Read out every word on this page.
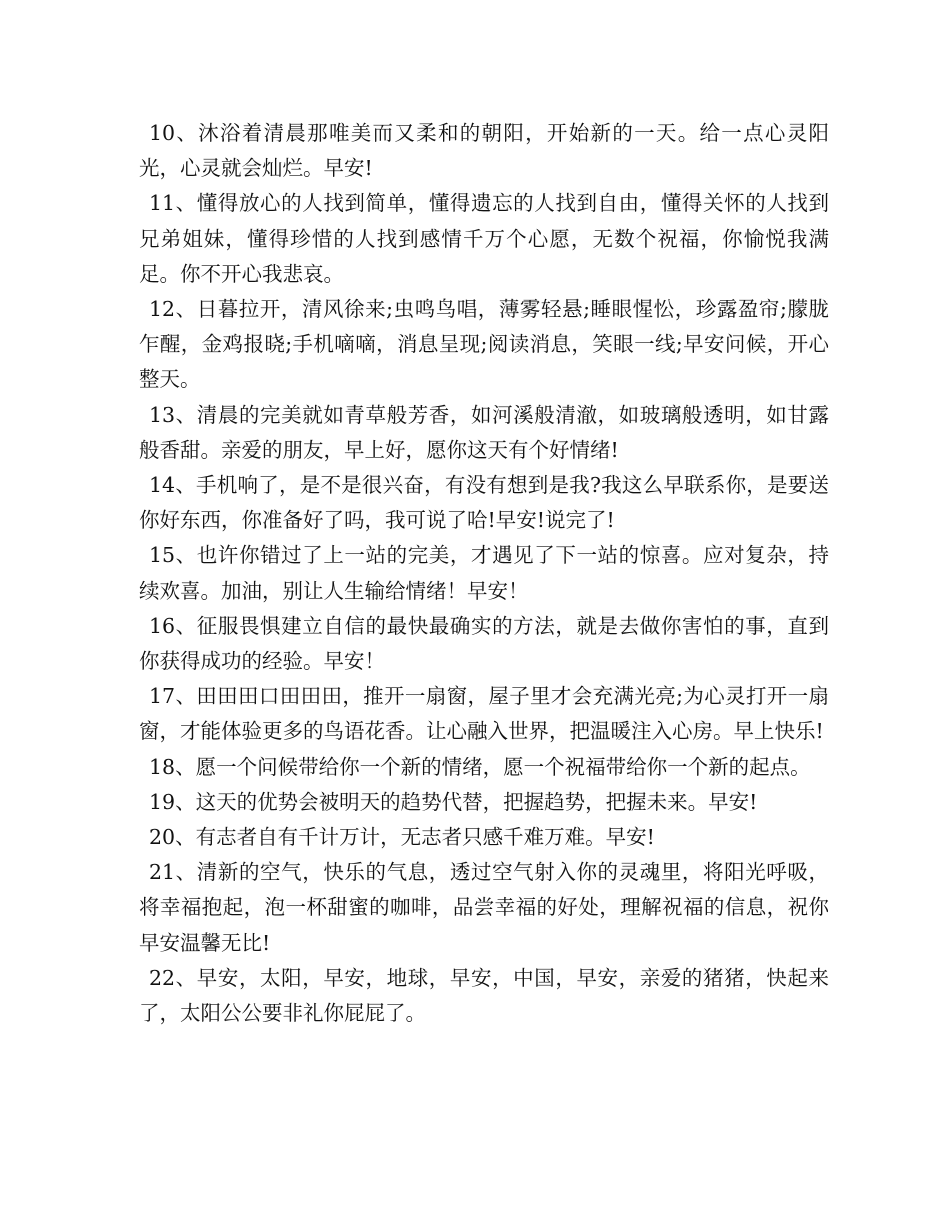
10、沐浴着清晨那唯美而又柔和的朝阳，开始新的一天。给一点心灵阳光，心灵就会灿烂。早安!

11、懂得放心的人找到简单，懂得遗忘的人找到自由，懂得关怀的人找到兄弟姐妹，懂得珍惜的人找到感情千万个心愿，无数个祝福，你愉悦我满足。你不开心我悲哀。

12、日暮拉开，清风徐来;虫鸣鸟唱，薄雾轻悬;睡眼惺忪，珍露盈帘;朦胧乍醒，金鸡报晓;手机嘀嘀，消息呈现;阅读消息，笑眼一线;早安问候，开心整天。

13、清晨的完美就如青草般芳香，如河溪般清澈，如玻璃般透明，如甘露般香甜。亲爱的朋友，早上好，愿你这天有个好情绪!

14、手机响了，是不是很兴奋，有没有想到是我?我这么早联系你，是要送你好东西，你准备好了吗，我可说了哈!早安!说完了!

15、也许你错过了上一站的完美，才遇见了下一站的惊喜。应对复杂，持续欢喜。加油，别让人生输给情绪！早安！

16、征服畏惧建立自信的最快最确实的方法，就是去做你害怕的事，直到你获得成功的经验。早安！

17、田田田口田田田，推开一扇窗，屋子里才会充满光亮;为心灵打开一扇窗，才能体验更多的鸟语花香。让心融入世界，把温暖注入心房。早上快乐!

18、愿一个问候带给你一个新的情绪，愿一个祝福带给你一个新的起点。

19、这天的优势会被明天的趋势代替，把握趋势，把握未来。早安!

20、有志者自有千计万计，无志者只感千难万难。早安!

21、清新的空气，快乐的气息，透过空气射入你的灵魂里，将阳光呼吸，将幸福抱起，泡一杯甜蜜的咖啡，品尝幸福的好处，理解祝福的信息，祝你早安温馨无比!

22、早安，太阳，早安，地球，早安，中国，早安，亲爱的猪猪，快起来了，太阳公公要非礼你屁屁了。
